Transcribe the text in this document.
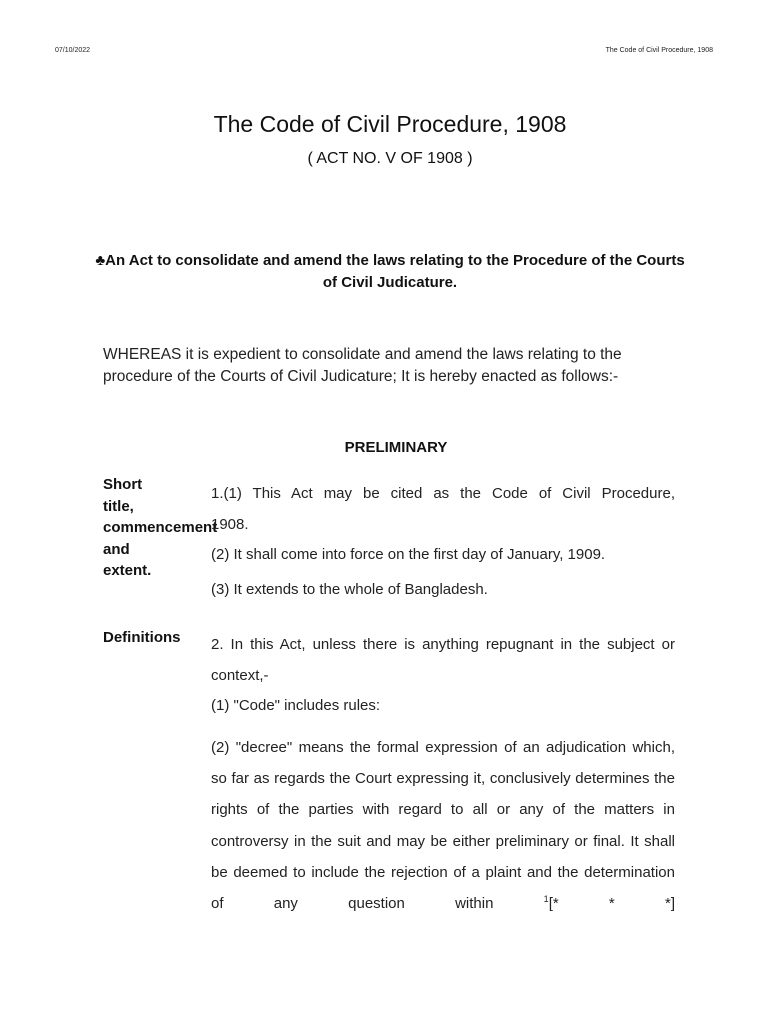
07/10/2022	The Code of Civil Procedure, 1908
The Code of Civil Procedure, 1908
( ACT NO. V OF 1908 )
♣An Act to consolidate and amend the laws relating to the Procedure of the Courts of Civil Judicature.
WHEREAS it is expedient to consolidate and amend the laws relating to the procedure of the Courts of Civil Judicature; It is hereby enacted as follows:-
PRELIMINARY
Short
title,
commencement
and
extent.
1.(1) This Act may be cited as the Code of Civil Procedure,
1908.
(2) It shall come into force on the first day of January, 1909.
(3) It extends to the whole of Bangladesh.
Definitions 2. In this Act, unless there is anything repugnant in the subject or context,-
(1) "Code" includes rules:
(2) "decree" means the formal expression of an adjudication which, so far as regards the Court expressing it, conclusively determines the rights of the parties with regard to all or any of the matters in controversy in the suit and may be either preliminary or final. It shall be deemed to include the rejection of a plaint and the determination of any question within	$^1$[* * *]
